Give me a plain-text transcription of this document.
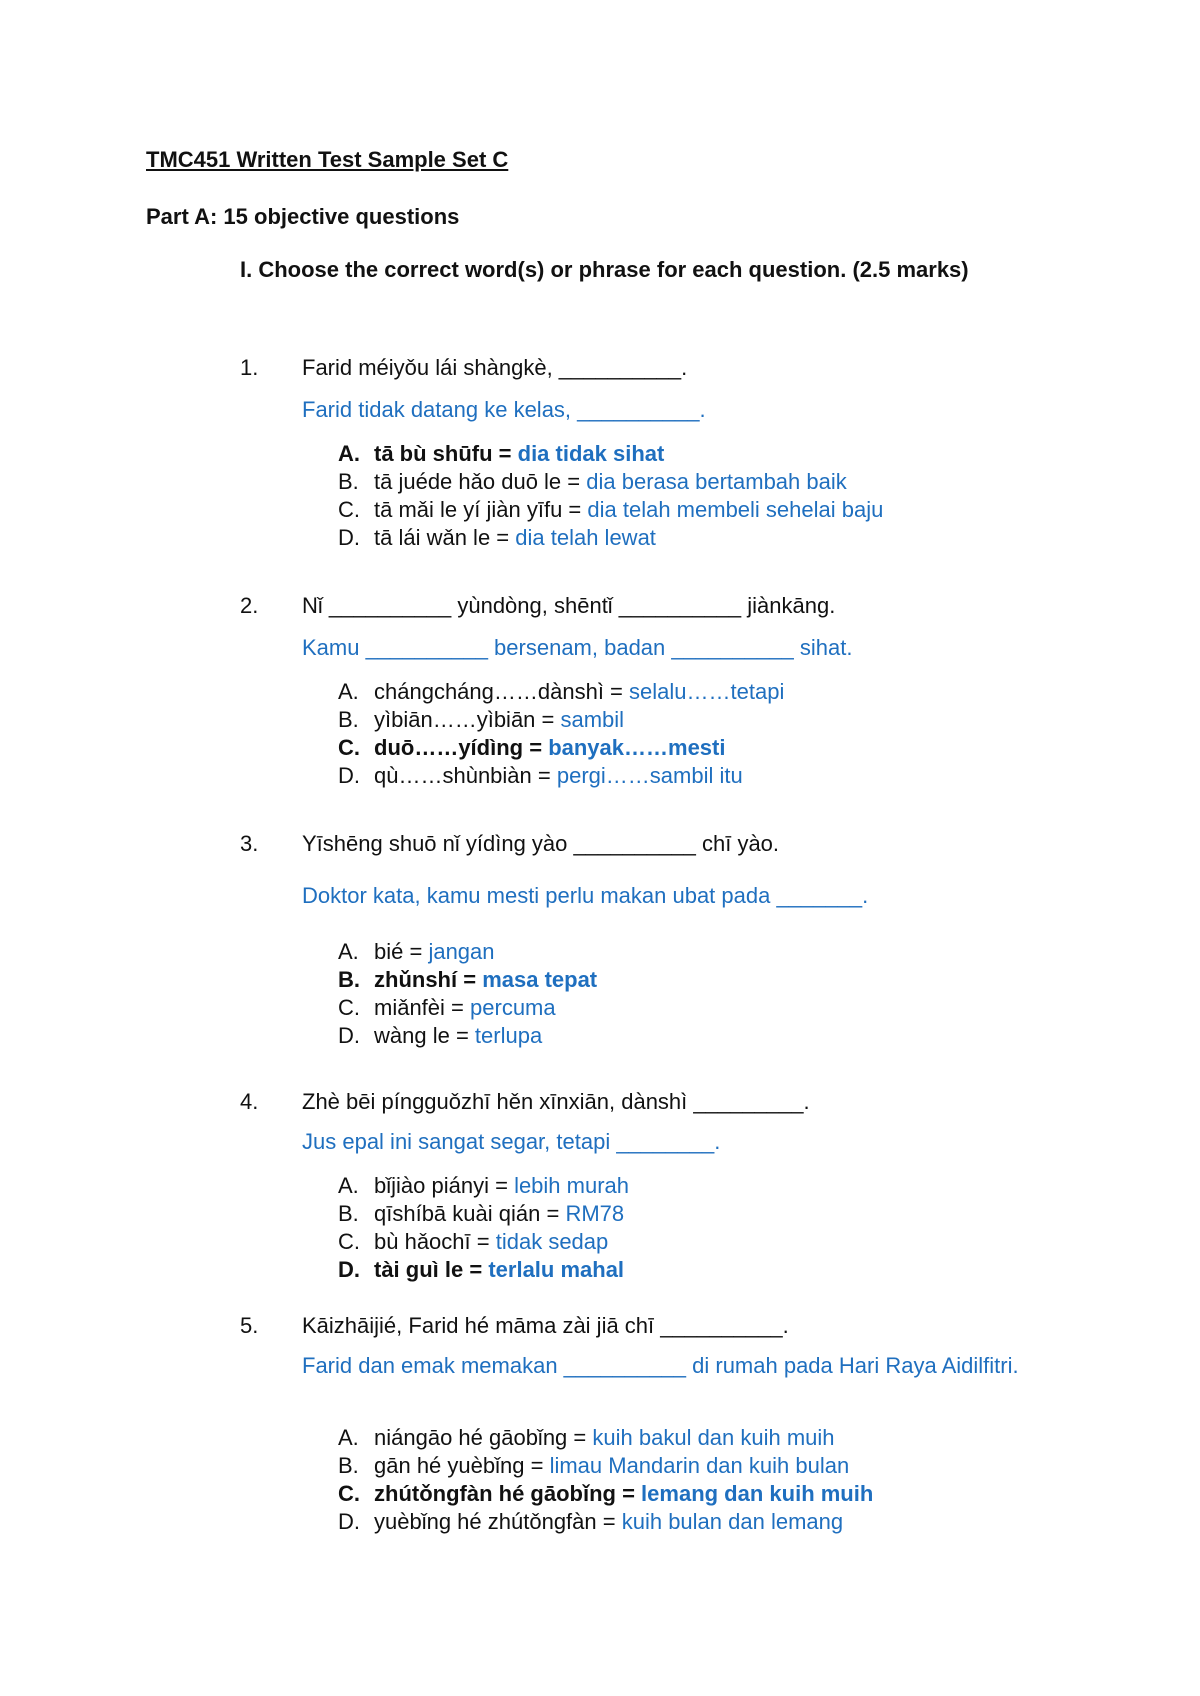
TMC451 Written Test Sample Set C
Part A: 15 objective questions
I. Choose the correct word(s) or phrase for each question. (2.5 marks)
1. Farid méiyǒu lái shàngkè, __________.
Farid tidak datang ke kelas, __________.
A. tā bù shūfu = dia tidak sihat
B. tā juéde hǎo duō le = dia berasa bertambah baik
C. tā mǎi le yí jiàn yīfu = dia telah membeli sehelai baju
D. tā lái wǎn le = dia telah lewat
2. Nǐ __________ yùndòng, shēntǐ __________ jiànkāng.
Kamu __________ bersenam, badan __________ sihat.
A. chángcháng……dànshì = selalu……tetapi
B. yìbiān……yìbiān = sambil
C. duō……yídìng = banyak……mesti
D. qù……shùnbiàn = pergi……sambil itu
3. Yīshēng shuō nǐ yídìng yào __________ chī yào.
Doktor kata, kamu mesti perlu makan ubat pada _______.
A. bié = jangan
B. zhǔnshí = masa tepat
C. miǎnfèi = percuma
D. wàng le = terlupa
4. Zhè bēi píngguǒzhī hěn xīnxiān, dànshì _________.
Jus epal ini sangat segar, tetapi ________.
A. bǐjiào piányi = lebih murah
B. qīshíbā kuài qián = RM78
C. bù hǎochī = tidak sedap
D. tài guì le = terlalu mahal
5. Kāizhāijié, Farid hé māma zài jiā chī __________.
Farid dan emak memakan __________ di rumah pada Hari Raya Aidilfitri.
A. niángāo hé gāobǐng = kuih bakul dan kuih muih
B. gān hé yuèbǐng = limau Mandarin dan kuih bulan
C. zhútǒngfàn hé gāobǐng = lemang dan kuih muih
D. yuèbǐng hé zhútǒngfàn = kuih bulan dan lemang
